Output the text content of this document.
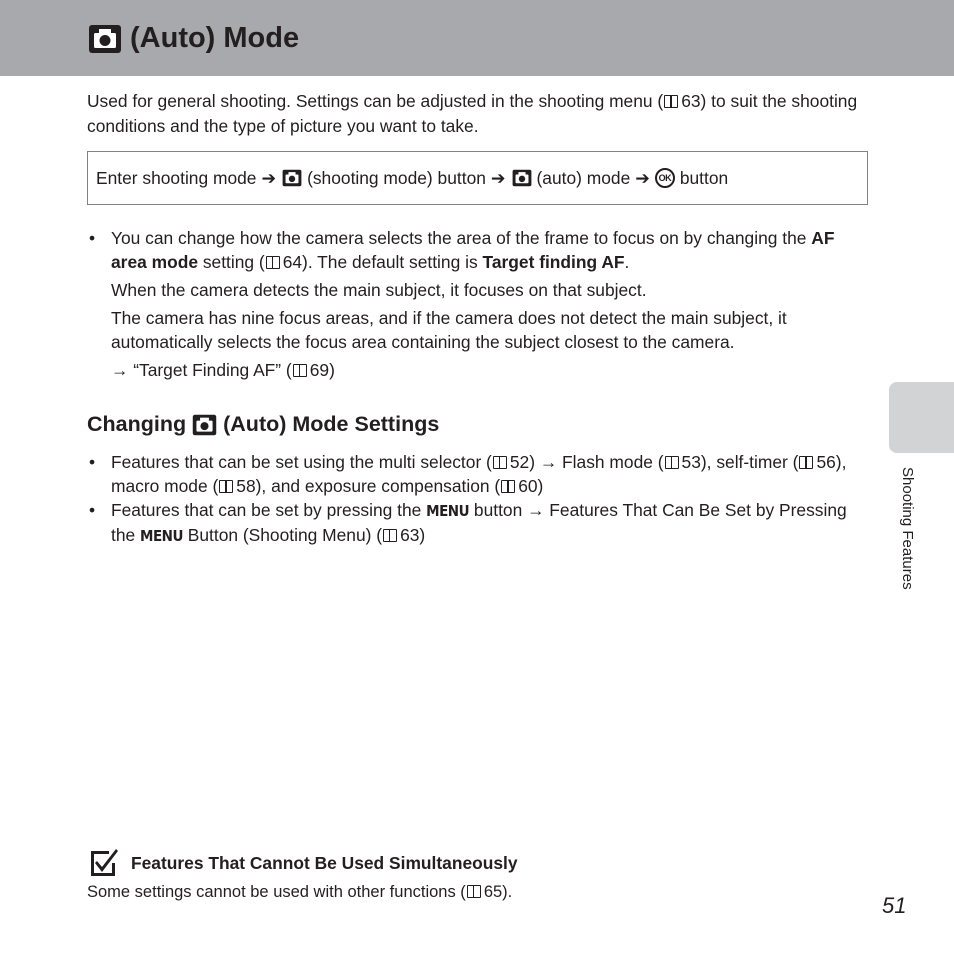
(Auto) Mode

Used for general shooting. Settings can be adjusted in the shooting menu ( 63) to suit the shooting conditions and the type of picture you want to take.

Enter shooting mode ➔ (shooting mode) button ➔ (auto) mode ➔ OK button
• You can change how the camera selects the area of the frame to focus on by changing the AF area mode setting ( 64). The default setting is Target finding AF.

When the camera detects the main subject, it focuses on that subject.

The camera has nine focus areas, and if the camera does not detect the main subject, it automatically selects the focus area containing the subject closest to the camera.

→ “Target Finding AF” ( 69)

Changing (Auto) Mode Settings
• Features that can be set using the multi selector ( 52) → Flash mode ( 53), self-timer ( 56), macro mode ( 58), and exposure compensation ( 60)

• Features that can be set by pressing the MENU button → Features That Can Be Set by Pressing the MENU Button (Shooting Menu) ( 63)	Shooting Features
Features That Cannot Be Used Simultaneously
Some settings cannot be used with other functions ( 65).
51
